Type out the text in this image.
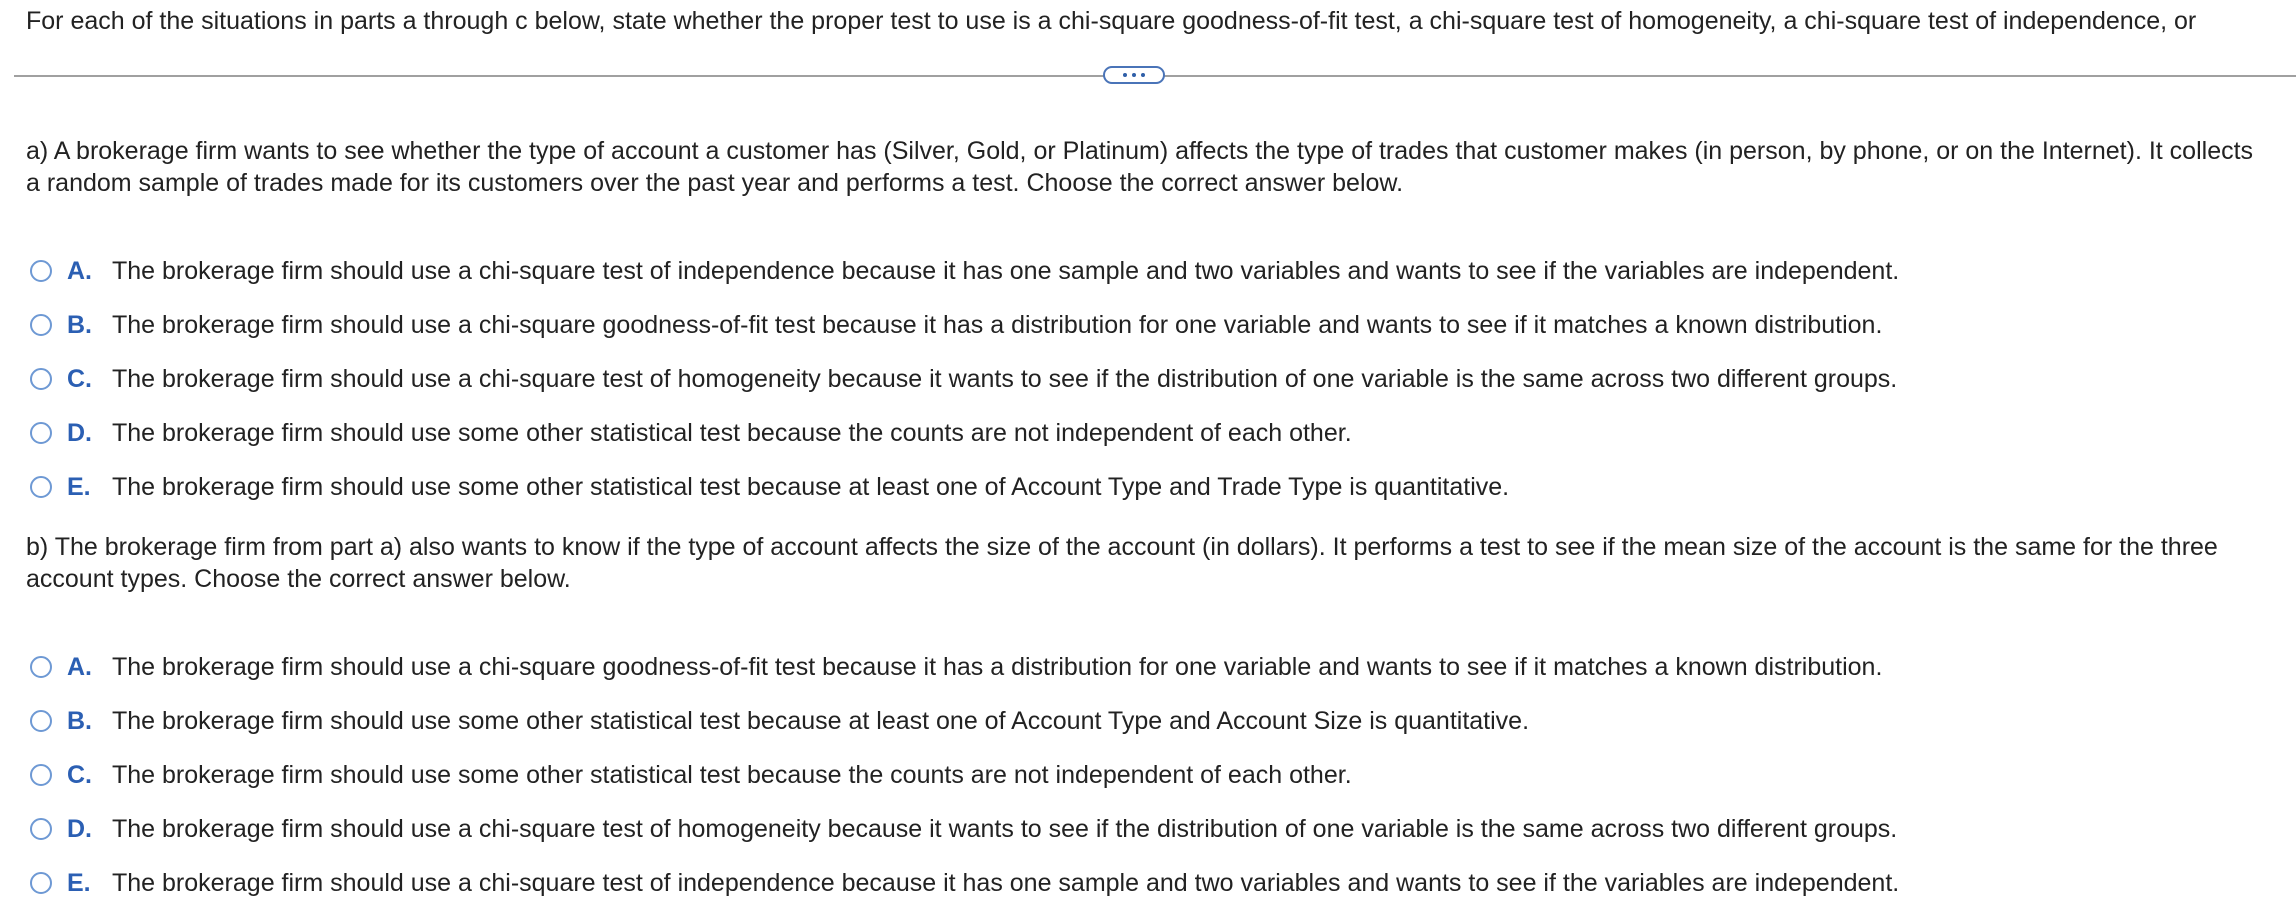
For each of the situations in parts a through c below, state whether the proper test to use is a chi-square goodness-of-fit test, a chi-square test of homogeneity, a chi-square test of independence, or
a) A brokerage firm wants to see whether the type of account a customer has (Silver, Gold, or Platinum) affects the type of trades that customer makes (in person, by phone, or on the Internet). It collects a random sample of trades made for its customers over the past year and performs a test. Choose the correct answer below.
A. The brokerage firm should use a chi-square test of independence because it has one sample and two variables and wants to see if the variables are independent.
B. The brokerage firm should use a chi-square goodness-of-fit test because it has a distribution for one variable and wants to see if it matches a known distribution.
C. The brokerage firm should use a chi-square test of homogeneity because it wants to see if the distribution of one variable is the same across two different groups.
D. The brokerage firm should use some other statistical test because the counts are not independent of each other.
E. The brokerage firm should use some other statistical test because at least one of Account Type and Trade Type is quantitative.
b) The brokerage firm from part a) also wants to know if the type of account affects the size of the account (in dollars). It performs a test to see if the mean size of the account is the same for the three account types. Choose the correct answer below.
A. The brokerage firm should use a chi-square goodness-of-fit test because it has a distribution for one variable and wants to see if it matches a known distribution.
B. The brokerage firm should use some other statistical test because at least one of Account Type and Account Size is quantitative.
C. The brokerage firm should use some other statistical test because the counts are not independent of each other.
D. The brokerage firm should use a chi-square test of homogeneity because it wants to see if the distribution of one variable is the same across two different groups.
E. The brokerage firm should use a chi-square test of independence because it has one sample and two variables and wants to see if the variables are independent.
